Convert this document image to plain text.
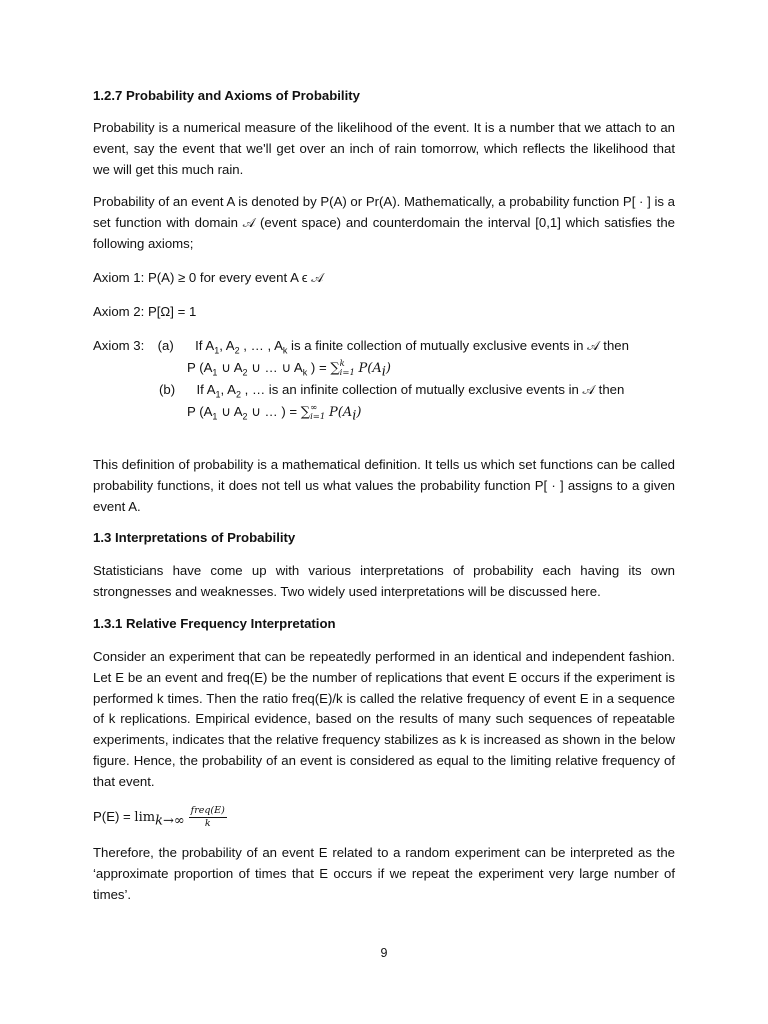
1.2.7 Probability and Axioms of Probability
Probability is a numerical measure of the likelihood of the event. It is a number that we attach to an event, say the event that we'll get over an inch of rain tomorrow, which reflects the likelihood that we will get this much rain.
Probability of an event A is denoted by P(A) or Pr(A). Mathematically, a probability function P[ · ] is a set function with domain 𝒜 (event space) and counterdomain the interval [0,1] which satisfies the following axioms;
Axiom 1: P(A) ≥ 0 for every event A ϵ 𝒜
Axiom 2: P[Ω] = 1
Axiom 3: (a) If $A_1$, $A_2$ , … , $A_k$ is a finite collection of mutually exclusive events in 𝒜 then
P ($A_1$ ∪ $A_2$ ∪ … ∪ $A_k$ ) = ∑ k
i=1 $P(A_i)$
(b) If $A_1$, $A_2$ , … is an infinite collection of mutually exclusive events in 𝒜 then
P ($A_1$ ∪ $A_2$ ∪ … ) = ∑ ∞
i=1 $P(A_i)$
This definition of probability is a mathematical definition. It tells us which set functions can be called probability functions, it does not tell us what values the probability function P[ · ] assigns to a given event A.
1.3 Interpretations of Probability
Statisticians have come up with various interpretations of probability each having its own strongnesses and weaknesses. Two widely used interpretations will be discussed here.
1.3.1 Relative Frequency Interpretation
Consider an experiment that can be repeatedly performed in an identical and independent fashion. Let E be an event and freq(E) be the number of replications that event E occurs if the experiment is performed k times. Then the ratio freq(E)/k is called the relative frequency of event E in a sequence of k replications. Empirical evidence, based on the results of many such sequences of repeatable experiments, indicates that the relative frequency stabilizes as k is increased as shown in the below figure. Hence, the probability of an event is considered as equal to the limiting relative frequency of that event.
$P(E) = \lim_{k\to\infty} \frac{\text{freq(E)}}{k}$
Therefore, the probability of an event E related to a random experiment can be interpreted as the ‘approximate proportion of times that E occurs if we repeat the experiment very large number of times’.
9
